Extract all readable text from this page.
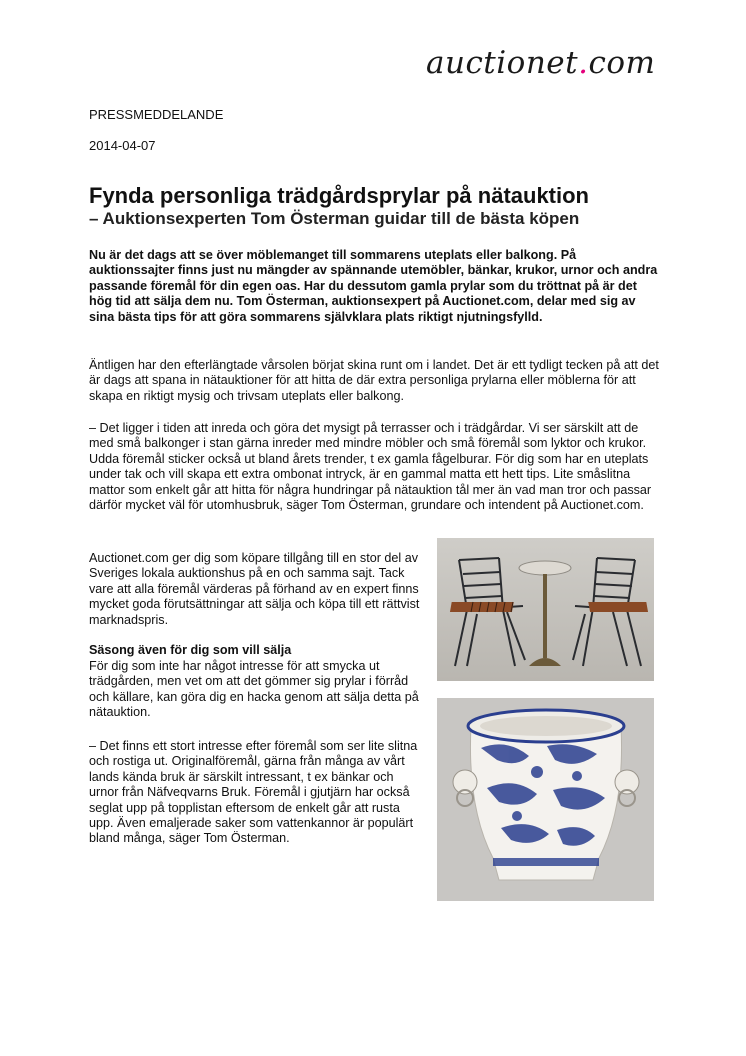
auctionet.com
PRESSMEDDELANDE
2014-04-07
Fynda personliga trädgårdsprylar på nätauktion
– Auktionsexperten Tom Österman guidar till de bästa köpen

Nu är det dags att se över möblemanget till sommarens uteplats eller balkong. På auktionssajter finns just nu mängder av spännande utemöbler, bänkar, krukor, urnor och andra passande föremål för din egen oas. Har du dessutom gamla prylar som du tröttnat på är det hög tid att sälja dem nu. Tom Österman, auktionsexpert på Auctionet.com, delar med sig av sina bästa tips för att göra sommarens självklara plats riktigt njutningsfylld.

Äntligen har den efterlängtade vårsolen börjat skina runt om i landet. Det är ett tydligt tecken på att det är dags att spana in nätauktioner för att hitta de där extra personliga prylarna eller möblerna för att skapa en riktigt mysig och trivsam uteplats eller balkong.

– Det ligger i tiden att inreda och göra det mysigt på terrasser och i trädgårdar. Vi ser särskilt att de med små balkonger i stan gärna inreder med mindre möbler och små föremål som lyktor och krukor. Udda föremål sticker också ut bland årets trender, t ex gamla fågelburar. För dig som har en uteplats under tak och vill skapa ett extra ombonat intryck, är en gammal matta ett hett tips. Lite småslitna mattor som enkelt går att hitta för några hundringar på nätauktion tål mer än vad man tror och passar därför mycket väl för utomhusbruk, säger Tom Österman, grundare och intendent på Auctionet.com.

Auctionet.com ger dig som köpare tillgång till en stor del av Sveriges lokala auktionshus på en och samma sajt. Tack vare att alla föremål värderas på förhand av en expert finns mycket goda förutsättningar att sälja och köpa till ett rättvist marknadspris.

Säsong även för dig som vill sälja

För dig som inte har något intresse för att smycka ut trädgården, men vet om att det gömmer sig prylar i förråd och källare, kan göra dig en hacka genom att sälja detta på nätauktion.

– Det finns ett stort intresse efter föremål som ser lite slitna och rostiga ut. Originalföremål, gärna från många av vårt lands kända bruk är särskilt intressant, t ex bänkar och urnor från Näfveqvarns Bruk. Föremål i gjutjärn har också seglat upp på topplistan eftersom de enkelt går att rusta upp. Även emaljerade saker som vattenkannor är populärt bland många, säger Tom Österman.
